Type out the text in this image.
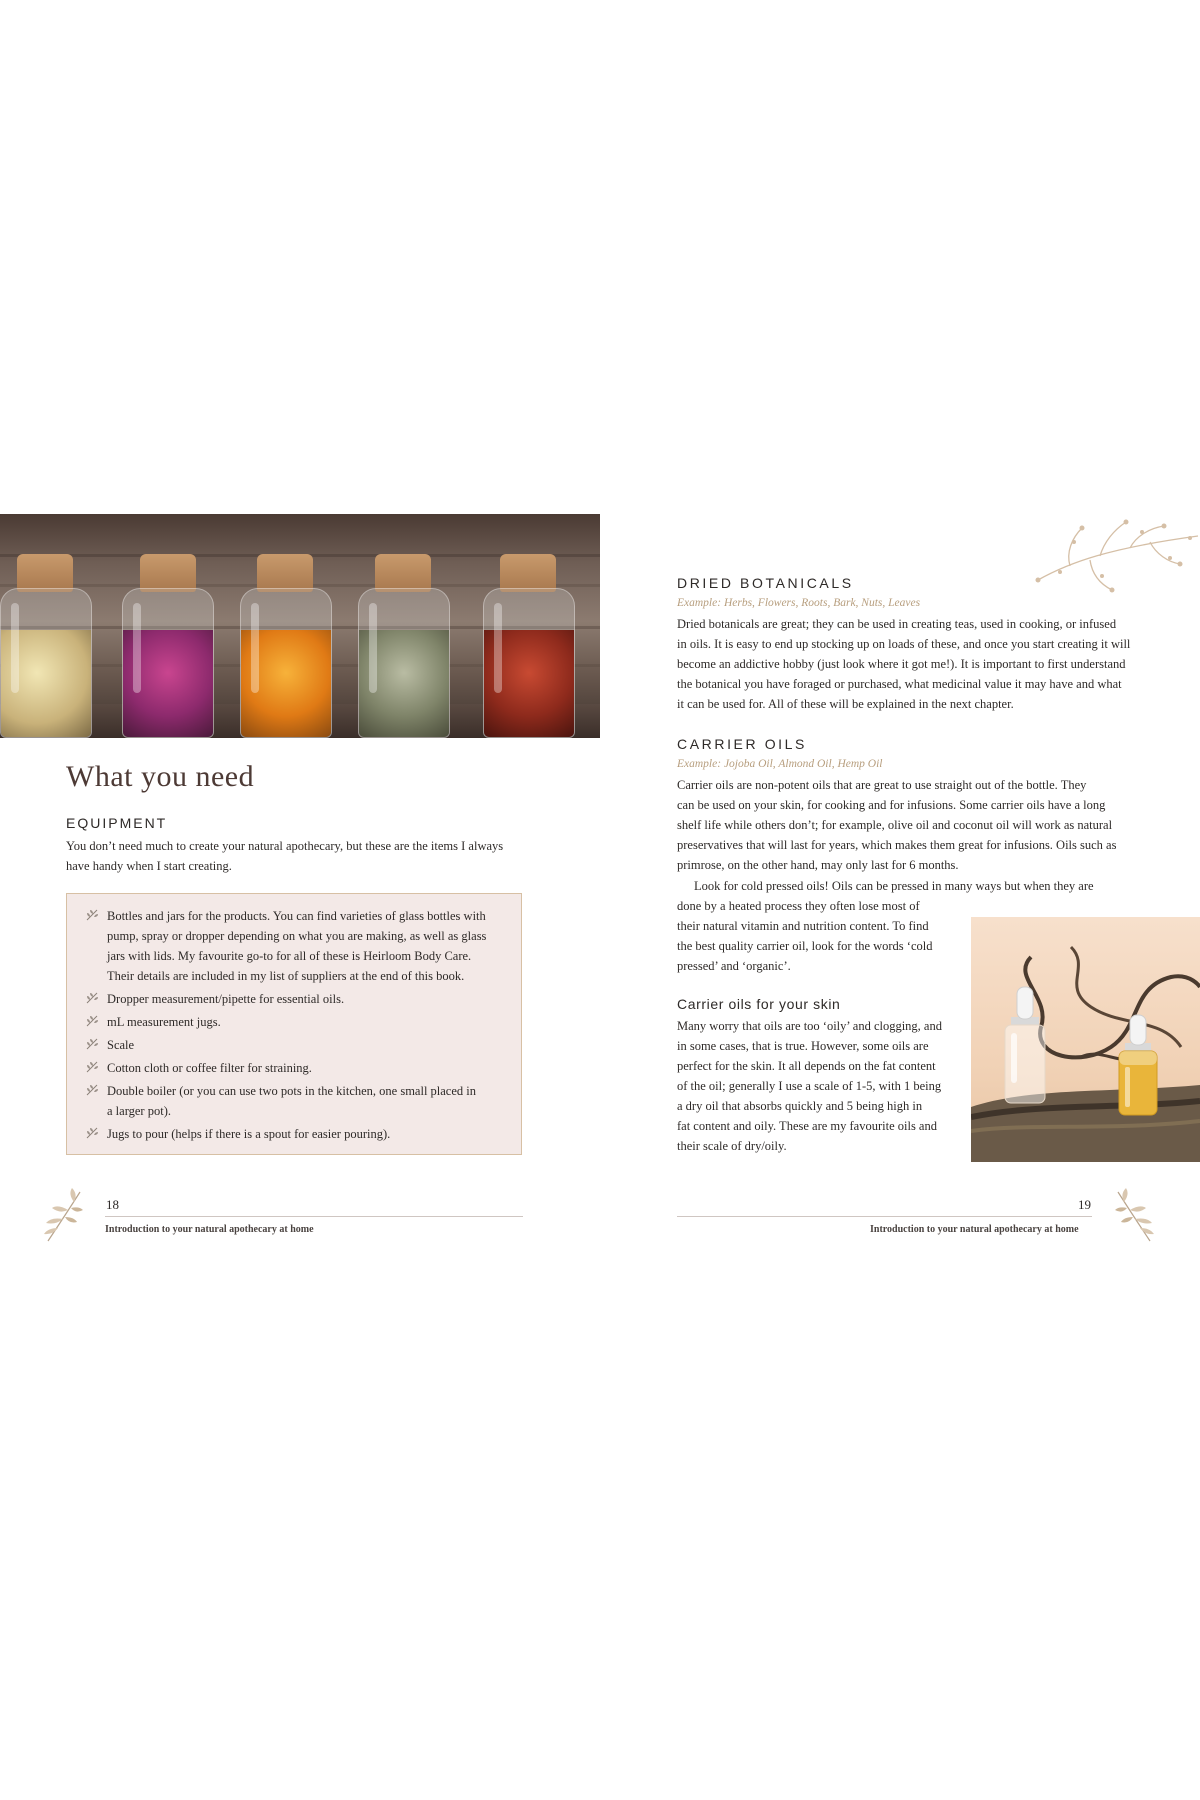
What you need
EQUIPMENT

You don’t need much to create your natural apothecary, but these are the items I always
have handy when I start creating.

Bottles and jars for the products. You can find varieties of glass bottles with
pump, spray or dropper depending on what you are making, as well as glass
jars with lids. My favourite go-to for all of these is Heirloom Body Care.
Their details are included in my list of suppliers at the end of this book.
Dropper measurement/pipette for essential oils.
mL measurement jugs.
Scale
Cotton cloth or coffee filter for straining.
Double boiler (or you can use two pots in the kitchen, one small placed in
a larger pot).
Jugs to pour (helps if there is a spout for easier pouring).
18
Introduction to your natural apothecary at home
DRIED BOTANICALS
Example: Herbs, Flowers, Roots, Bark, Nuts, Leaves
Dried botanicals are great; they can be used in creating teas, used in cooking, or infused
in oils. It is easy to end up stocking up on loads of these, and once you start creating it will
become an addictive hobby (just look where it got me!). It is important to first understand
the botanical you have foraged or purchased, what medicinal value it may have and what
it can be used for. All of these will be explained in the next chapter.
CARRIER OILS
Example: Jojoba Oil, Almond Oil, Hemp Oil
Carrier oils are non-potent oils that are great to use straight out of the bottle. They
can be used on your skin, for cooking and for infusions. Some carrier oils have a long
shelf life while others don’t; for example, olive oil and coconut oil will work as natural
preservatives that will last for years, which makes them great for infusions. Oils such as
primrose, on the other hand, may only last for 6 months.
Look for cold pressed oils! Oils can be pressed in many ways but when they are
done by a heated process they often lose most of
their natural vitamin and nutrition content. To find
the best quality carrier oil, look for the words ‘cold
pressed’ and ‘organic’.
Carrier oils for your skin
Many worry that oils are too ‘oily’ and clogging, and
in some cases, that is true. However, some oils are
perfect for the skin. It all depends on the fat content
of the oil; generally I use a scale of 1-5, with 1 being
a dry oil that absorbs quickly and 5 being high in
fat content and oily. These are my favourite oils and
their scale of dry/oily.
19
Introduction to your natural apothecary at home
